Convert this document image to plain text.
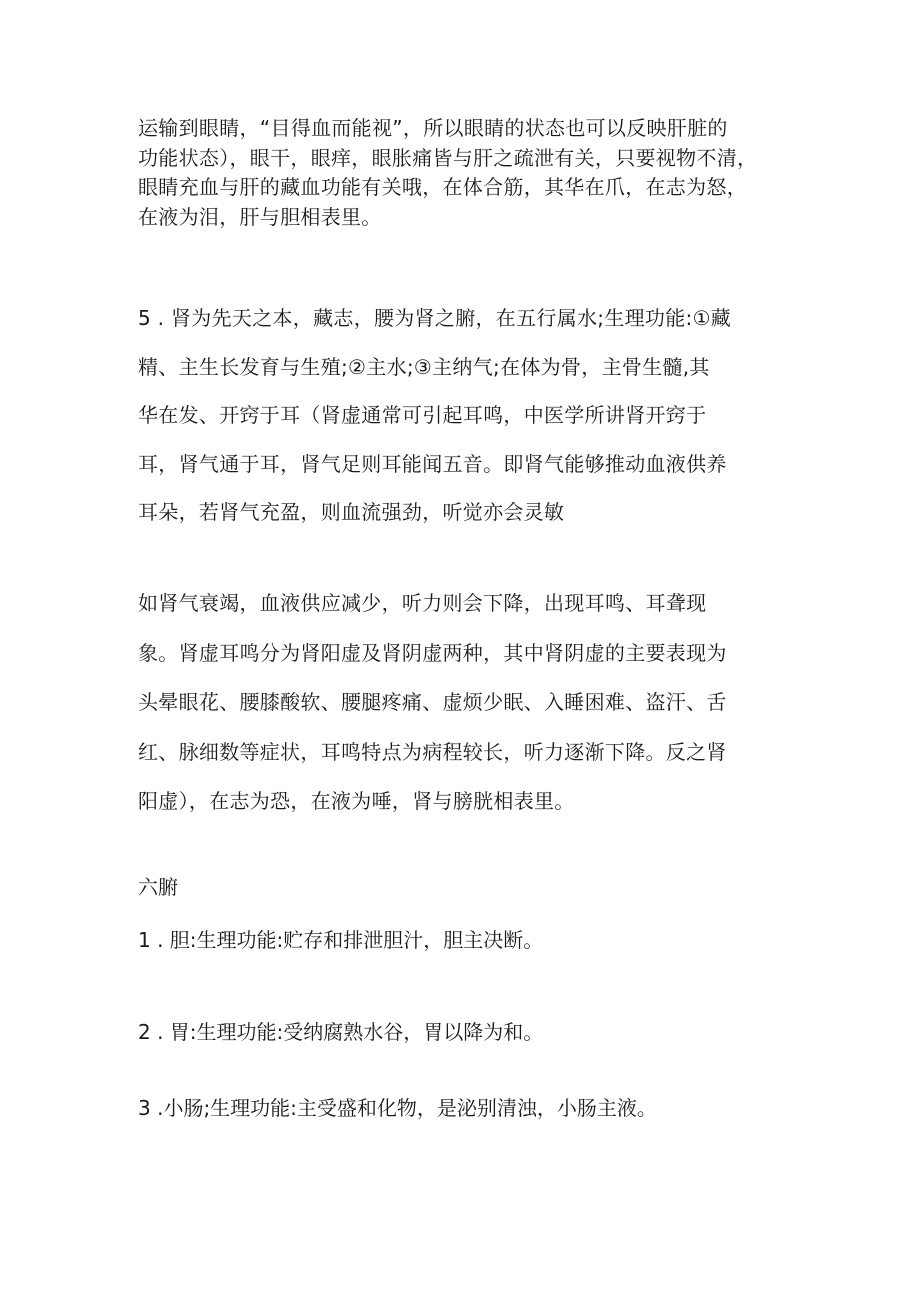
运输到眼睛，“目得血而能视”，所以眼睛的状态也可以反映肝脏的
功能状态），眼干，眼痒，眼胀痛皆与肝之疏泄有关，只要视物不清，
眼睛充血与肝的藏血功能有关哦，在体合筋，其华在爪，在志为怒，
在液为泪，肝与胆相表里。

5 . 肾为先天之本，藏志，腰为肾之腑，在五行属水;生理功能:①藏
精、主生长发育与生殖;②主水;③主纳气;在体为骨，主骨生髓,其
华在发、开窍于耳（肾虚通常可引起耳鸣，中医学所讲肾开窍于
耳，肾气通于耳，肾气足则耳能闻五音。即肾气能够推动血液供养
耳朵，若肾气充盈，则血流强劲，听觉亦会灵敏

如肾气衰竭，血液供应减少，听力则会下降，出现耳鸣、耳聋现
象。肾虚耳鸣分为肾阳虚及肾阴虚两种，其中肾阴虚的主要表现为
头晕眼花、腰膝酸软、腰腿疼痛、虚烦少眠、入睡困难、盗汗、舌
红、脉细数等症状，耳鸣特点为病程较长，听力逐渐下降。反之肾
阳虚），在志为恐，在液为唾，肾与膀胱相表里。

六腑

1 . 胆:生理功能:贮存和排泄胆汁，胆主决断。

2 . 胃:生理功能:受纳腐熟水谷，胃以降为和。

3 .小肠;生理功能:主受盛和化物，是泌别清浊，小肠主液。
